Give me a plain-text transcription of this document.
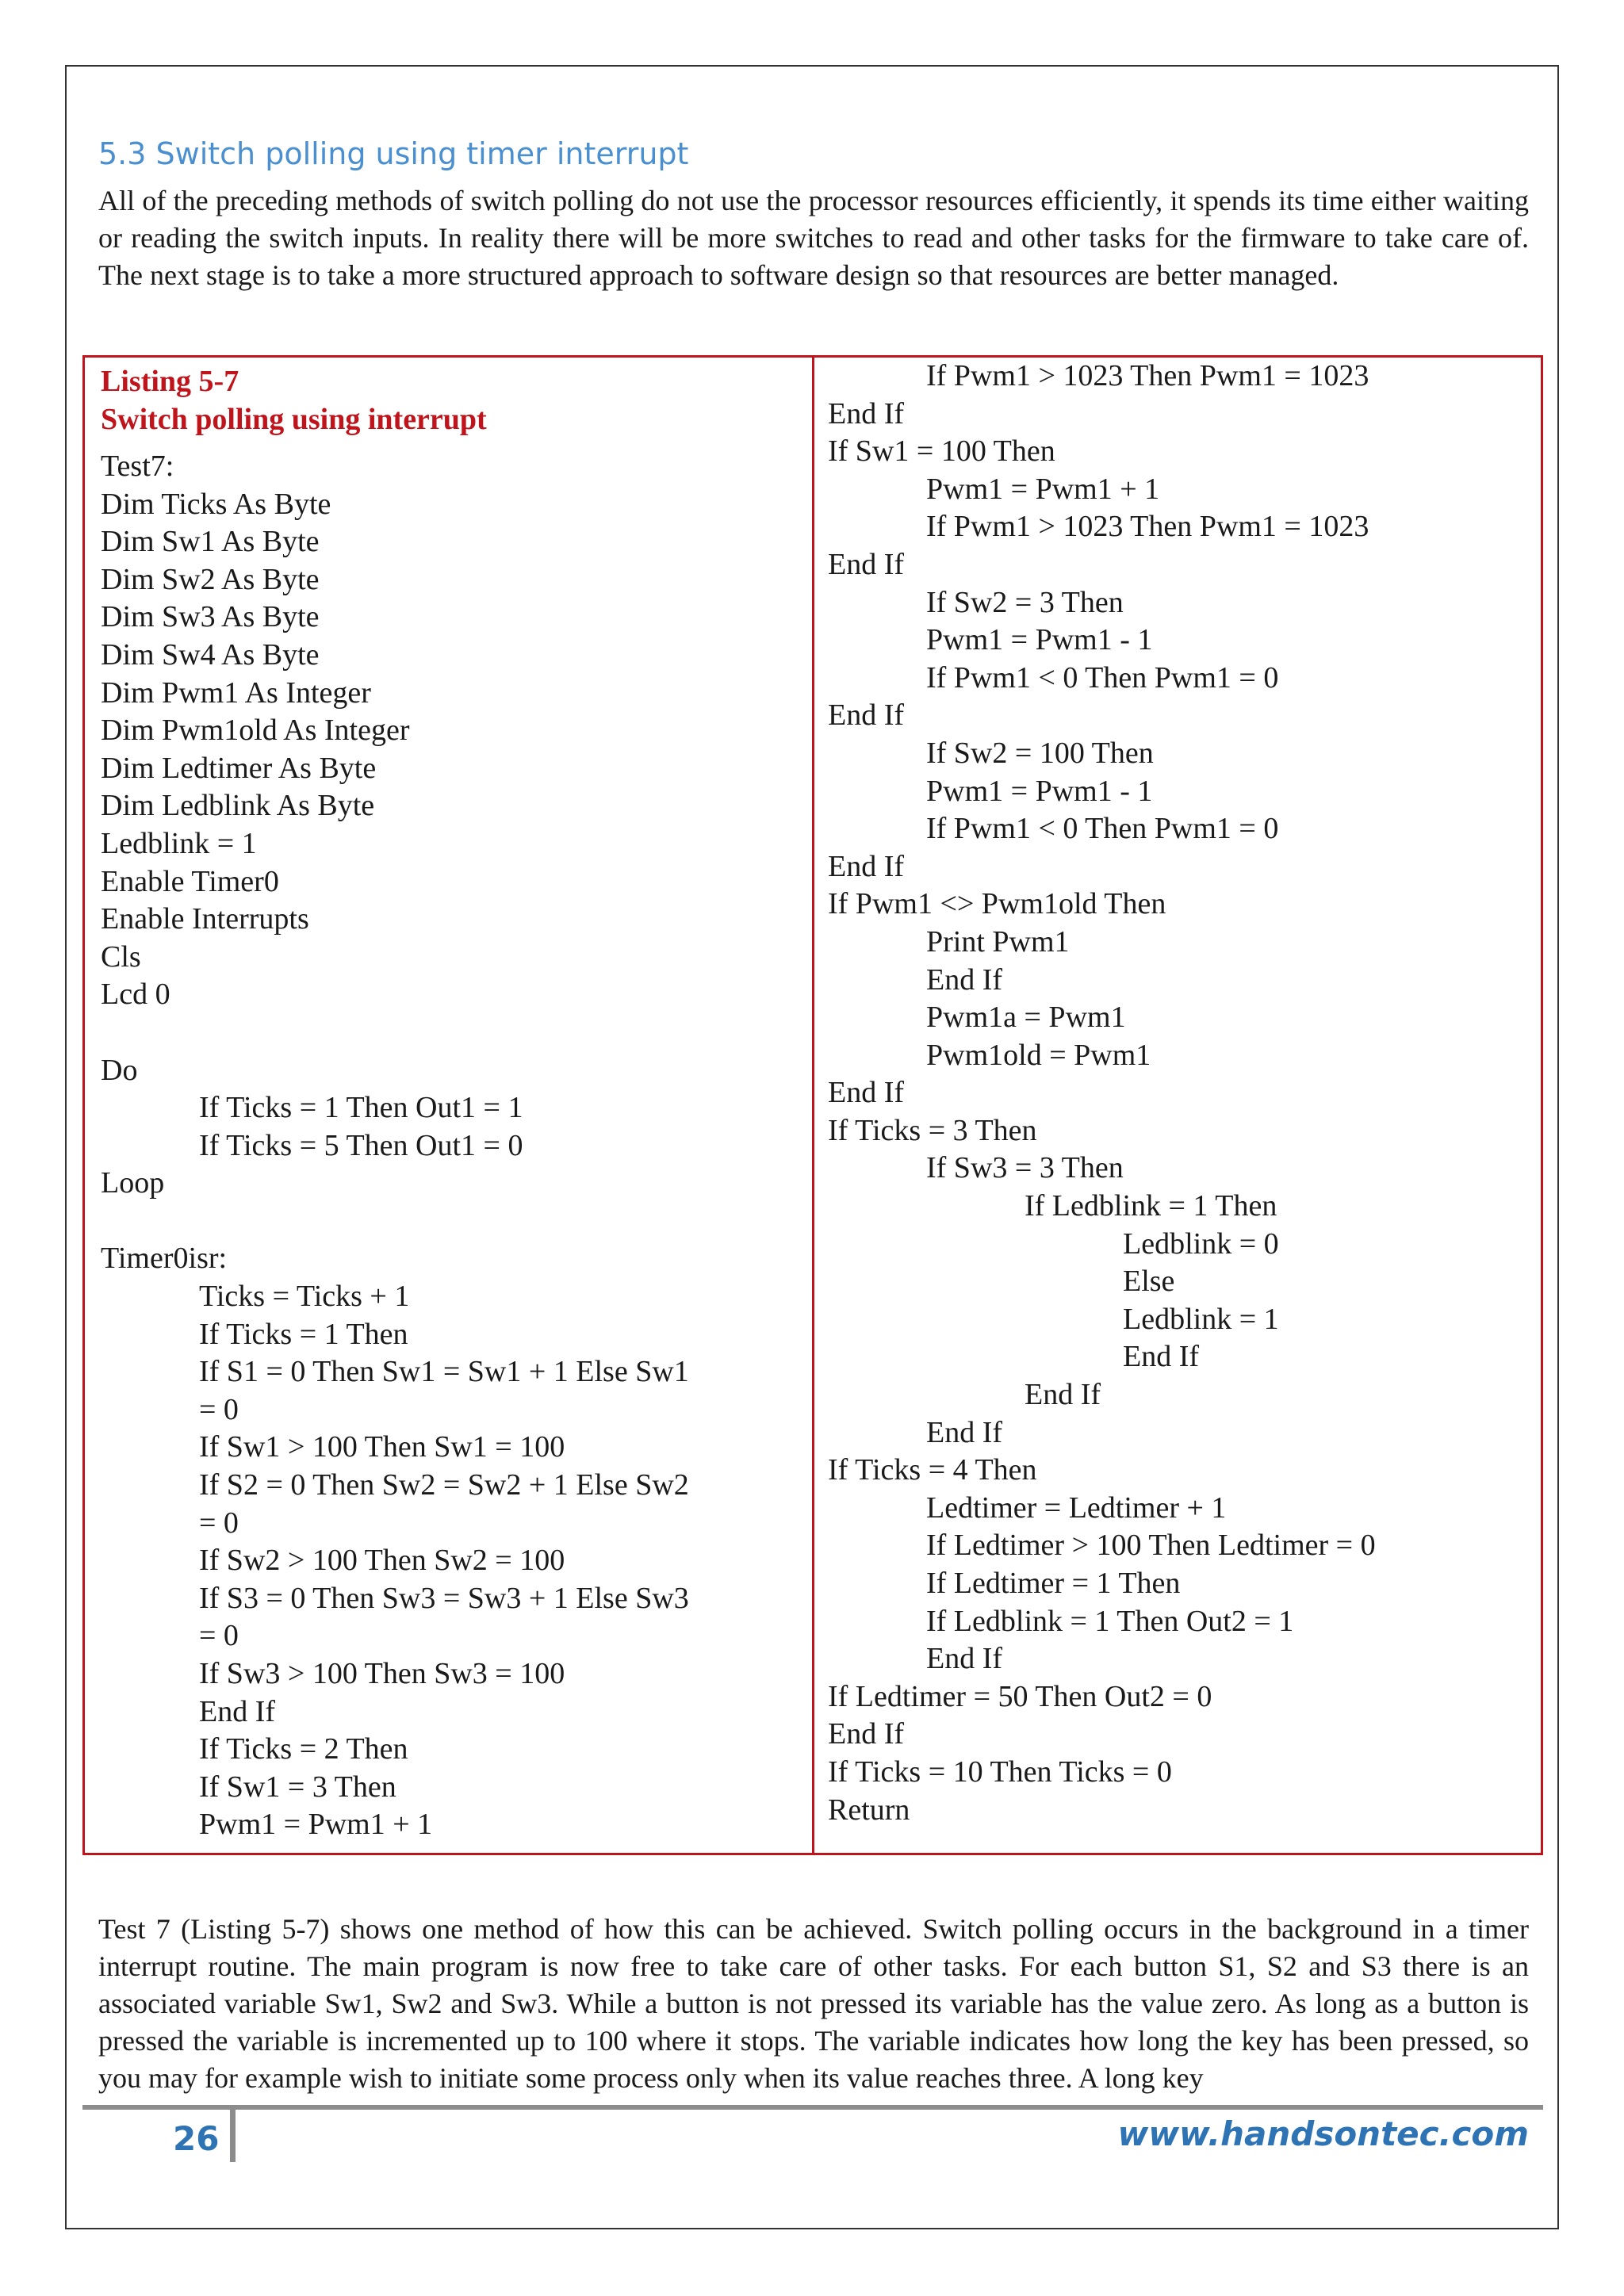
5.3 Switch polling using timer interrupt

All of the preceding methods of switch polling do not use the processor resources efficiently, it spends its time either waiting or reading the switch inputs. In reality there will be more switches to read and other tasks for the firmware to take care of. The next stage is to take a more structured approach to software design so that resources are better managed.

Listing 5-7
Switch polling using interrupt
Test7:
Dim Ticks As Byte
Dim Sw1 As Byte
Dim Sw2 As Byte
Dim Sw3 As Byte
Dim Sw4 As Byte
Dim Pwm1 As Integer
Dim Pwm1old As Integer
Dim Ledtimer As Byte
Dim Ledblink As Byte
Ledblink = 1
Enable Timer0
Enable Interrupts
Cls
Lcd 0
Do
If Ticks = 1 Then Out1 = 1
If Ticks = 5 Then Out1 = 0
Loop
Timer0isr:
Ticks = Ticks + 1
If Ticks = 1 Then
If S1 = 0 Then Sw1 = Sw1 + 1 Else Sw1
= 0
If Sw1 > 100 Then Sw1 = 100
If S2 = 0 Then Sw2 = Sw2 + 1 Else Sw2
= 0
If Sw2 > 100 Then Sw2 = 100
If S3 = 0 Then Sw3 = Sw3 + 1 Else Sw3
= 0
If Sw3 > 100 Then Sw3 = 100
End If
If Ticks = 2 Then
If Sw1 = 3 Then
Pwm1 = Pwm1 + 1
If Pwm1 > 1023 Then Pwm1 = 1023
End If
If Sw1 = 100 Then
Pwm1 = Pwm1 + 1
If Pwm1 > 1023 Then Pwm1 = 1023
End If
If Sw2 = 3 Then
Pwm1 = Pwm1 - 1
If Pwm1 < 0 Then Pwm1 = 0
End If
If Sw2 = 100 Then
Pwm1 = Pwm1 - 1
If Pwm1 < 0 Then Pwm1 = 0
End If
If Pwm1 <> Pwm1old Then
Print Pwm1
End If
Pwm1a = Pwm1
Pwm1old = Pwm1
End If
If Ticks = 3 Then
If Sw3 = 3 Then
If Ledblink = 1 Then
Ledblink = 0
Else
Ledblink = 1
End If
End If
End If
If Ticks = 4 Then
Ledtimer = Ledtimer + 1
If Ledtimer > 100 Then Ledtimer = 0
If Ledtimer = 1 Then
If Ledblink = 1 Then Out2 = 1
End If
If Ledtimer = 50 Then Out2 = 0
End If
If Ticks = 10 Then Ticks = 0
Return

Test 7 (Listing 5-7) shows one method of how this can be achieved. Switch polling occurs in the background in a timer interrupt routine. The main program is now free to take care of other tasks. For each button S1, S2 and S3 there is an associated variable Sw1, Sw2 and Sw3. While a button is not pressed its variable has the value zero. As long as a button is pressed the variable is incremented up to 100 where it stops. The variable indicates how long the key has been pressed, so you may for example wish to initiate some process only when its value reaches three. A long key

26	www.handsontec.com
